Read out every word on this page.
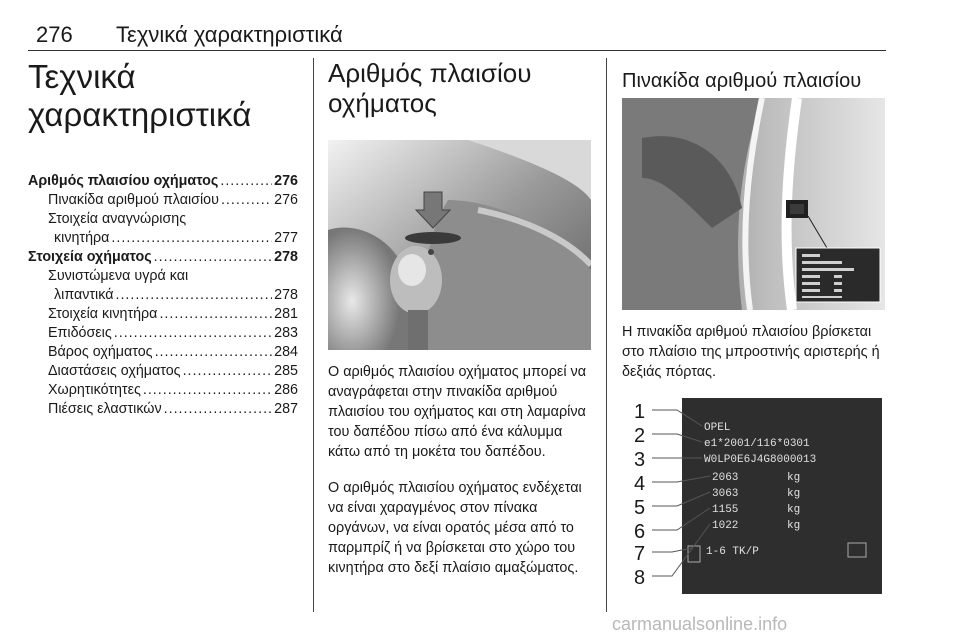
276 Τεχνικά χαρακτηριστικά
Τεχνικά
χαρακτηριστικά
Αριθμός πλαισίου οχήματος .....	276
Πινακίδα αριθμού πλαισίου .....	276
Στοιχεία αναγνώρισης
κινητήρα .....	277
Στοιχεία οχήματος .....	278
Συνιστώμενα υγρά και
λιπαντικά .....	278
Στοιχεία κινητήρα .....	281
Επιδόσεις .....	283
Βάρος οχήματος .....	284
Διαστάσεις οχήματος .....	285
Χωρητικότητες .....	286
Πιέσεις ελαστικών .....	287
Αριθμός πλαισίου
οχήματος

Ο αριθμός πλαισίου οχήματος μπορεί να αναγράφεται στην πινακίδα αριθμού πλαισίου του οχήματος και στη λαμαρίνα του δαπέδου πίσω από ένα κάλυμμα κάτω από τη μοκέτα του δαπέδου.

Ο αριθμός πλαισίου οχήματος ενδέχεται να είναι χαραγμένος στον πίνακα οργάνων, να είναι ορατός μέσα από το παρμπρίζ ή να βρίσκεται στο χώρο του κινητήρα στο δεξί πλαίσιο αμαξώματος.

Πινακίδα αριθμού πλαισίου

Η πινακίδα αριθμού πλαισίου βρίσκεται στο πλαίσιο της μπροστινής αριστερής ή δεξιάς πόρτας.

OPEL
e1*2001/116*0301
W0LP0E6J4G8000013
2063	kg
3063	kg
1155	kg
1022	kg
1-6 TK/P
1
2
3
4
5
6
7
8
carmanualsonline.info
